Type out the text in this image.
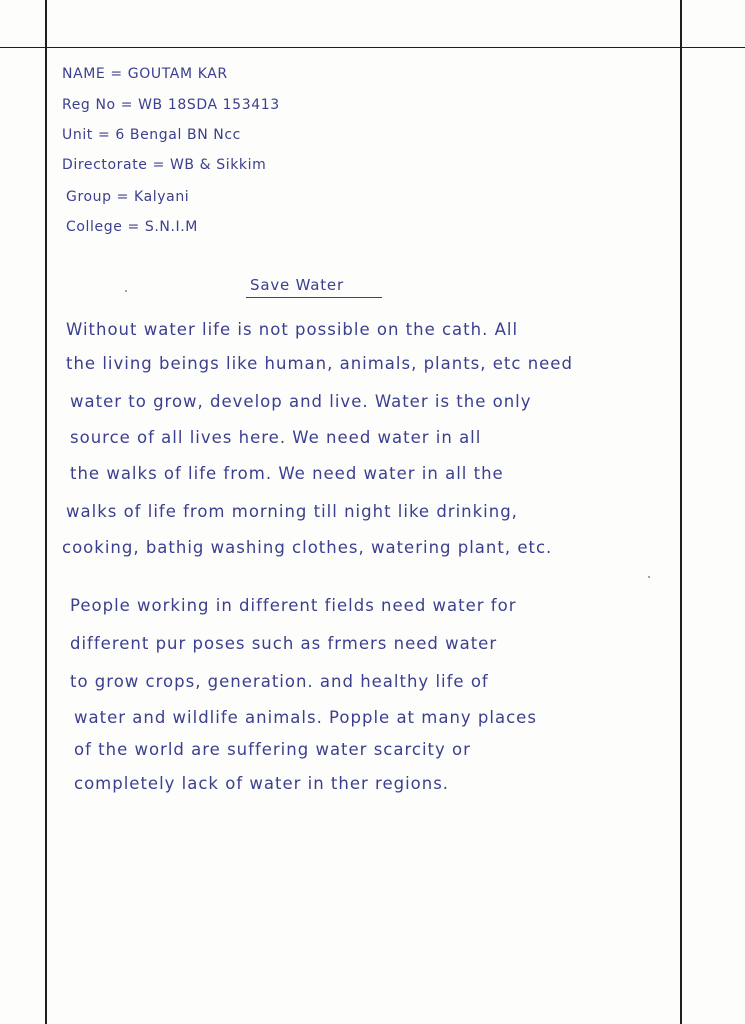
NAME = GOUTAM KAR
Reg No = WB 18SDA 153413
Unit = 6 Bengal BN Ncc
Directorate = WB & Sikkim
Group = Kalyani
College = S.N.I.M
Save Water
Without water life is not possible on the cath. All
the living beings like human, animals, plants, etc need
water to grow, develop and live. Water is the only
source of all lives here. We need water in all
the walks of life from. We need water in all the
walks of life from morning till night like drinking,
cooking, bathig washing clothes, watering plant, etc.
People working in different fields need water for
different pur poses such as frmers need water
to grow crops, generation. and healthy life of
water and wildlife animals. Popple at many places
of the world are suffering water scarcity or
completely lack of water in ther regions.
